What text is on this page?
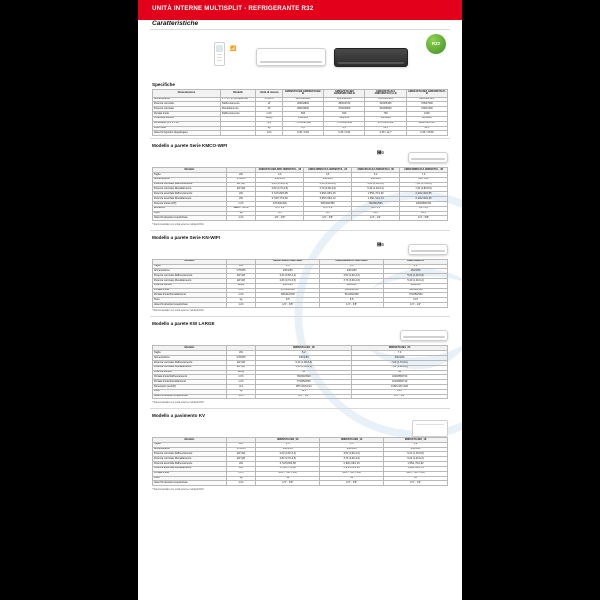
UNITÀ INTERNE MULTISPLIT - REFRIGERANTE R32
Caratteristiche
R32
📶
Specifiche
Alimentazione	Modello	Unità di misura	AMD9STAUB2 AMD9STAUB2-B	AMD12STAUB2 AMD9SMCUB2-B	AMD18STAUCA AMD18STAUCA-B	AMD24STAUBZ AMD18STAU2-B
Alimentazione	V / Hz / PH(Frequenza)	V/Hz/PH	220-240/50/1	220-240/50/1	220-240/50/1	220-240/50/1
Potenza nominale	Raffrescamento	W	2600/2800	3500/3700	5200/5400	7000/7200
Potenza nominale	Riscaldamento	W	2800/3000	3700/3900	5400/5600	7200/7400
Portata d'aria	Raffrescamento	m³/h	500	520	760	1000
Pressione sonora		dB(A)	21/25/29	22/26/31	26/32/38	30/36/42
Dimensioni (L x P x A)		mm	770×189×288	770×189×288	957×213×302	1082×226×327
Peso netto		kg	8,5	8,5	11,5	14,5
Attacchi frigoriferi (liquido/gas)		inch	6,35 / 9,52	6,35 / 9,52	6,35 / 12,7	6,35 / 15,88
Modello a parete Serie KMCO-WIFI
὏6
Modello		AMD9STAUB2-WIFI 9MD9STUL_18	AMD12MMSUCA 9MD9STUL_24	AMD18SUCA3 AMD9STAU_30	AMD24MMSUCA 9MD9STUL_36
Taglia	kW	2,6	3,5	5,2	7,0
Alimentazione	V/Hz/Ph	230/1/50	230/1/50	230/1/50	230 V/50
Potenza nominale Raffrescamento	kW (W)	2,60 (0,50-3,2)	3,50 (0,90-4,0)	5,20 (1,30-5,8)	7,00 (1,70-8,0)
Potenza nominale Riscaldamento	kW (W)	2,80 (0,70-3,5)	3,70 (0,90-4,6)	5,40 (1,40-6,2)	7,20 (1,80-8,6)
Potenza assorbita Raffrescamento	kW	0,72/0,80/0,85	0,98/1,08/1,15	1,55/1,70/1,82	2,20/2,40/2,55
Potenza assorbita Riscaldamento	kW	0,70/0,77/0,82	0,95/1,05/1,12	1,48/1,62/1,74	2,10/2,30/2,45
Potenza d'aria (A/P)	m³/h	470/400/320	500/430/350	760/640/520	1000/850/700
Efficienza	SEER / SCOP	6,5 / 4,2	6,5 / 4,2	6,4 / 4,1	6,2 / 4,0
Peso	kg	8,5	8,5	11,5	14,5
Attacchi tubazioni Liquido/Gas	inch	1/4" - 3/8"	1/4" - 3/8"	1/4" - 1/2"	1/4" - 5/8"
* Raccomandato con unità esterne multisplit R32
Modello a parete Serie KN-WIFI
὏6
Modello		AMD27MM00 AMD7MM+	AMD9SMM0CA AMD7MM+	AMD7MM0CA
Taglia	kW	2,6	3,5	5,2
Alimentazione	V/Hz/Ph	230/1/50	230/1/50	230/1/50
Potenza nominale Raffrescamento	kW (W)	2,60 (0,50-3,2)	3,50 (0,90-4,0)	5,20 (1,30-5,8)
Potenza nominale Riscaldamento	kW (W)	2,80 (0,70-3,5)	3,70 (0,90-4,6)	5,40 (1,40-6,2)
Potenza sonora	dB(A)	21/25/29	22/26/31	26/32/38
Portata d'aria	m³/h	470/400/320	500/430/350	760/640/520
Portata d'aria Riscaldamento	m³/h	480/410/330	510/440/360	770/650/530
Peso	kg	8,5	8,5	11,5
Attacchi tubazioni Liquido/Gas	inch	1/4" - 3/8"	1/4" - 3/8"	1/4" - 1/2"
* Raccomandato con unità esterne multisplit R32
Modello a parete KW LARGE
Modello		9MD9STAUB1_18	9MD9STAUB1_24
Taglia	kW	5,2	7,0
Alimentazione	V/Hz/Ph	230/1/50	230/1/50
Potenza nominale Raffrescamento	kW (W)	5,20 (1,30-5,8)	7,00 (1,70-8,0)
Potenza nominale Riscaldamento	kW (W)	5,40 (1,40-6,2)	7,20 (1,80-8,6)
Potenza sonora	dB(A)	38	42
Portata d'aria Raffrescamento	m³/h	760/640/520	1000/850/700
Portata d'aria Riscaldamento	m³/h	770/650/530	1010/860/710
Dimensioni (LxAxP)	mm	957×302×213	1082×327×226
Peso	kg	11,5	14,5
Attacchi tubazioni Liquido/Gas	inch	1/4" - 1/2"	1/4" - 5/8"
* Raccomandato con unità esterne multisplit R32
Modello a pavimento KV
Modello		9MD9STAUB2_09	9MD9STAUB2_12	9MD9STAUB2_18
Taglia	kW	2,6	3,5	5,2
Alimentazione	V/Hz/Ph	230/1/50	230/1/50	230/1/50
Potenza nominale Raffrescamento	kW (W)	2,60 (0,50-3,2)	3,50 (0,90-4,0)	5,20 (1,30-5,8)
Potenza nominale Riscaldamento	kW (W)	2,80 (0,70-3,5)	3,70 (0,90-4,6)	5,40 (1,40-6,2)
Potenza assorbita Raffrescamento	kW	0,72/0,80/0,85	0,98/1,08/1,15	1,55/1,70/1,82
Potenza assorbita Riscaldamento	kW	0,70/0,77/0,82	0,95/1,05/1,12	1,48/1,62/1,74
Portata d'aria	m³/h	430 × 700 × 250	430 × 700 × 250	430 × 700 × 250
Peso	kg	14	14	16
Attacchi tubazioni Liquido/Gas	inch	1/4" - 3/8"	1/4" - 3/8"	1/4" - 1/2"
* Raccomandato con unità esterne multisplit R32
